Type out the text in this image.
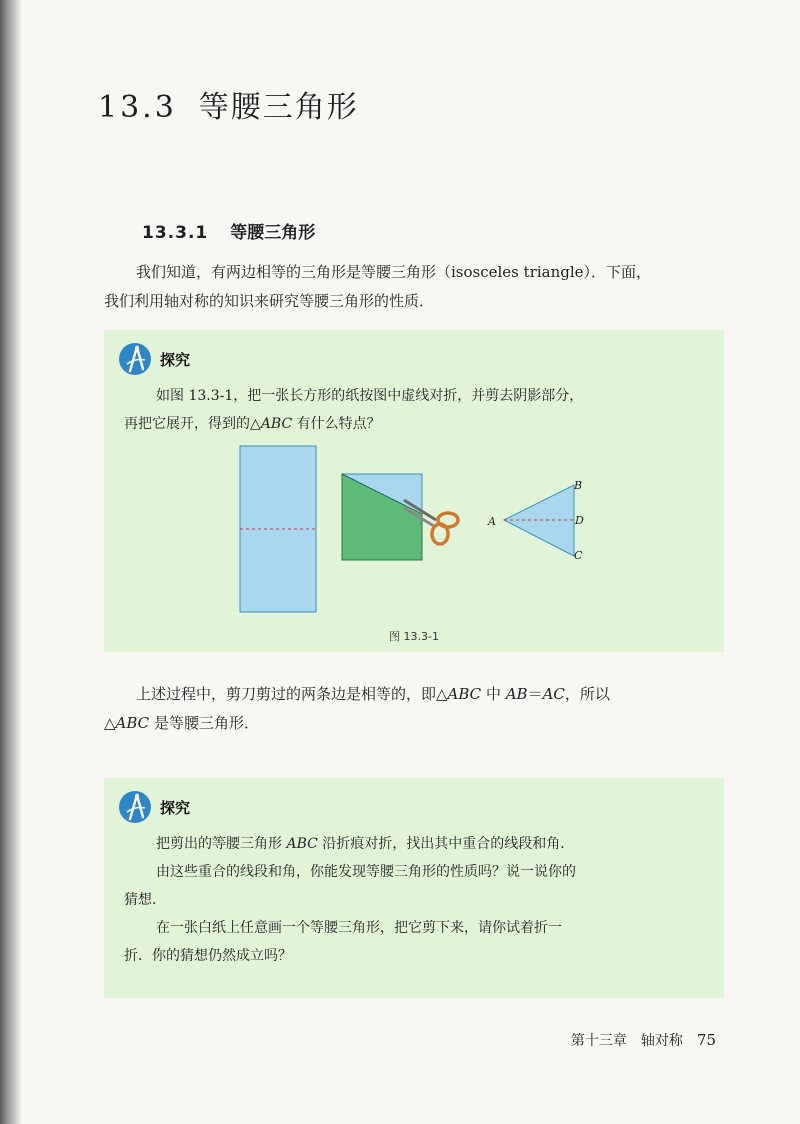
13.3 等腰三角形
13.3.1 等腰三角形

我们知道，有两边相等的三角形是等腰三角形（isosceles triangle）．下面，
我们利用轴对称的知识来研究等腰三角形的性质．

探究

如图 13.3-1，把一张长方形的纸按图中虚线对折，并剪去阴影部分，
再把它展开，得到的△ABC 有什么特点？

A
B
C
D
图 13.3-1

上述过程中，剪刀剪过的两条边是相等的，即△ABC 中 AB＝AC，所以
△ABC 是等腰三角形．

探究

把剪出的等腰三角形 ABC 沿折痕对折，找出其中重合的线段和角．
由这些重合的线段和角，你能发现等腰三角形的性质吗？说一说你的
猜想．
在一张白纸上任意画一个等腰三角形，把它剪下来，请你试着折一
折．你的猜想仍然成立吗？

第十三章 轴对称 75
